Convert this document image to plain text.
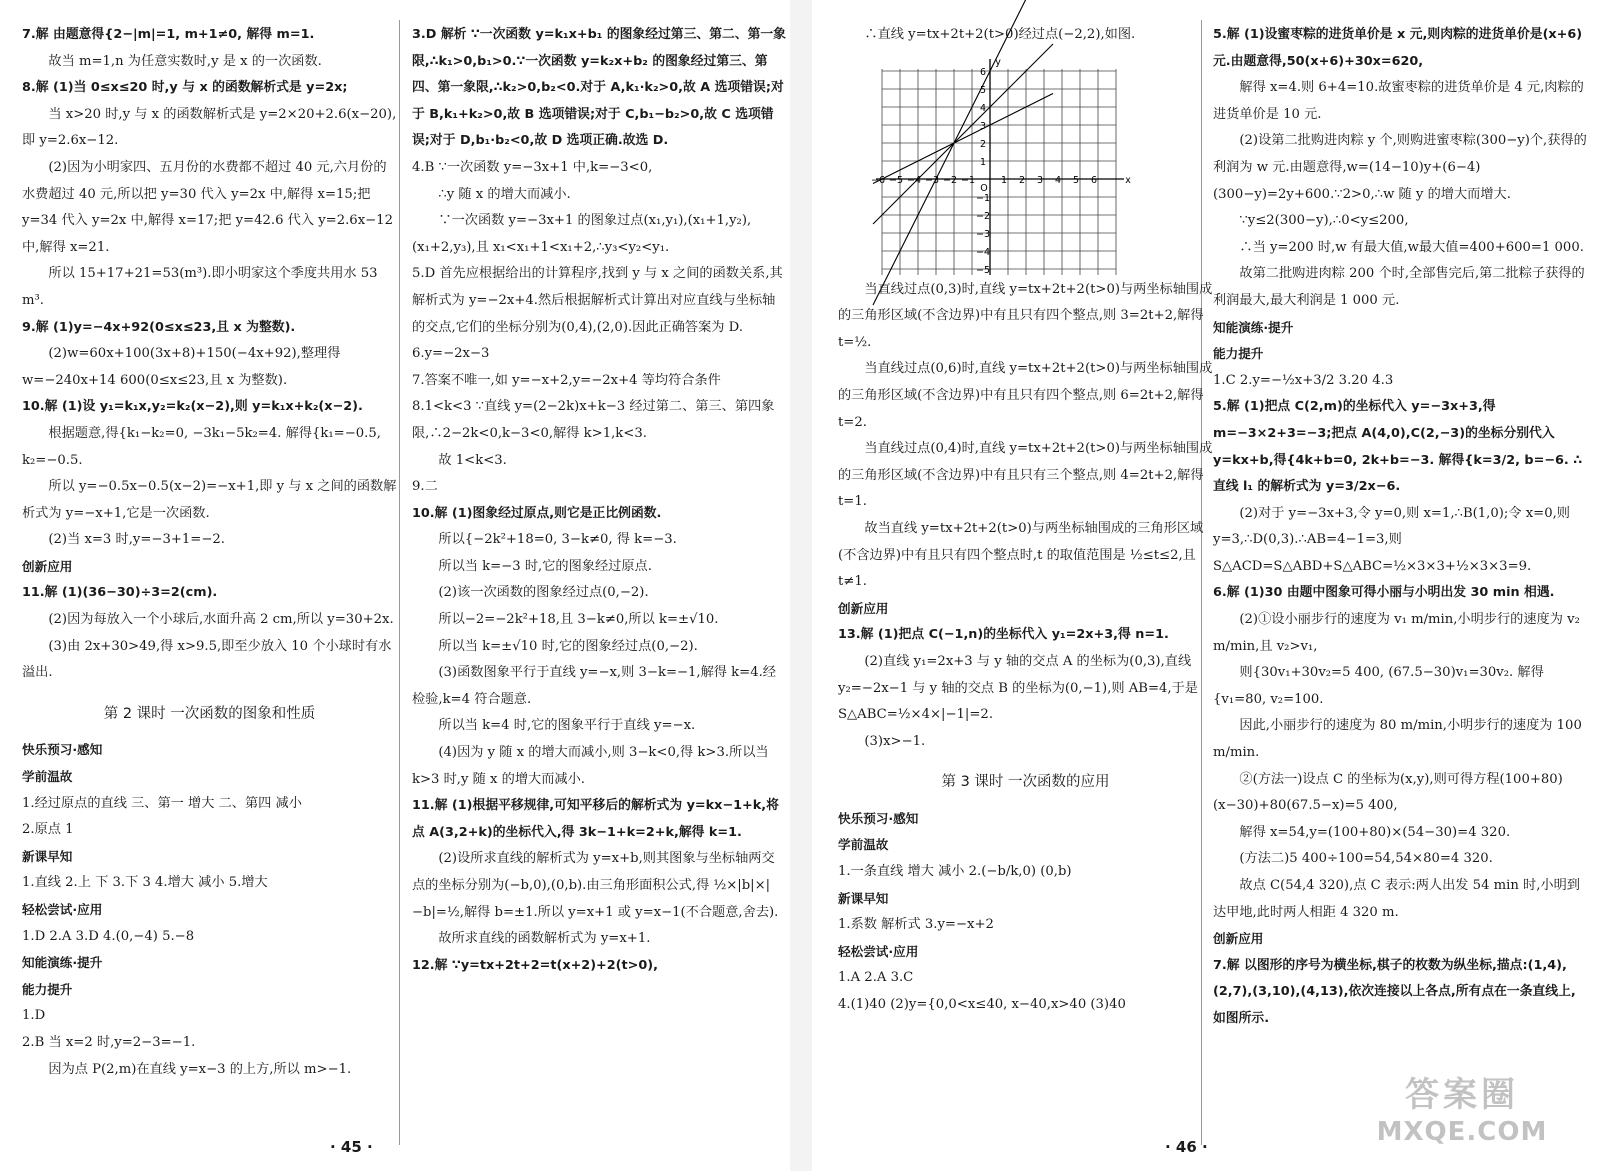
7.解 由题意得{2−|m|=1, m+1≠0, 解得 m=1.

故当 m=1,n 为任意实数时,y 是 x 的一次函数.

8.解 (1)当 0≤x≤20 时,y 与 x 的函数解析式是 y=2x;

当 x>20 时,y 与 x 的函数解析式是 y=2×20+2.6(x−20),即 y=2.6x−12.

(2)因为小明家四、五月份的水费都不超过 40 元,六月份的水费超过 40 元,所以把 y=30 代入 y=2x 中,解得 x=15;把 y=34 代入 y=2x 中,解得 x=17;把 y=42.6 代入 y=2.6x−12 中,解得 x=21.

所以 15+17+21=53(m³).即小明家这个季度共用水 53 m³.

9.解 (1)y=−4x+92(0≤x≤23,且 x 为整数).

(2)w=60x+100(3x+8)+150(−4x+92),整理得 w=−240x+14 600(0≤x≤23,且 x 为整数).

10.解 (1)设 y₁=k₁x,y₂=k₂(x−2),则 y=k₁x+k₂(x−2).

根据题意,得{k₁−k₂=0, −3k₁−5k₂=4. 解得{k₁=−0.5, k₂=−0.5.

所以 y=−0.5x−0.5(x−2)=−x+1,即 y 与 x 之间的函数解析式为 y=−x+1,它是一次函数.

(2)当 x=3 时,y=−3+1=−2.

创新应用

11.解 (1)(36−30)÷3=2(cm).

(2)因为每放入一个小球后,水面升高 2 cm,所以 y=30+2x.

(3)由 2x+30>49,得 x>9.5,即至少放入 10 个小球时有水溢出.

第 2 课时 一次函数的图象和性质

快乐预习·感知

学前温故

1.经过原点的直线 三、第一 增大 二、第四 减小

2.原点 1

新课早知

1.直线 2.上 下 3.下 3 4.增大 减小 5.增大

轻松尝试·应用

1.D 2.A 3.D 4.(0,−4) 5.−8

知能演练·提升

能力提升

1.D

2.B 当 x=2 时,y=2−3=−1.

因为点 P(2,m)在直线 y=x−3 的上方,所以 m>−1.

3.D 解析 ∵一次函数 y=k₁x+b₁ 的图象经过第三、第二、第一象限,∴k₁>0,b₁>0.∵一次函数 y=k₂x+b₂ 的图象经过第三、第四、第一象限,∴k₂>0,b₂<0.对于 A,k₁·k₂>0,故 A 选项错误;对于 B,k₁+k₂>0,故 B 选项错误;对于 C,b₁−b₂>0,故 C 选项错误;对于 D,b₁·b₂<0,故 D 选项正确.故选 D.

4.B ∵一次函数 y=−3x+1 中,k=−3<0,

∴y 随 x 的增大而减小.

∵一次函数 y=−3x+1 的图象过点(x₁,y₁),(x₁+1,y₂),(x₁+2,y₃),且 x₁<x₁+1<x₁+2,∴y₃<y₂<y₁.

5.D 首先应根据给出的计算程序,找到 y 与 x 之间的函数关系,其解析式为 y=−2x+4.然后根据解析式计算出对应直线与坐标轴的交点,它们的坐标分别为(0,4),(2,0).因此正确答案为 D.

6.y=−2x−3

7.答案不唯一,如 y=−x+2,y=−2x+4 等均符合条件

8.1<k<3 ∵直线 y=(2−2k)x+k−3 经过第二、第三、第四象限,∴2−2k<0,k−3<0,解得 k>1,k<3.

故 1<k<3.

9.二

10.解 (1)图象经过原点,则它是正比例函数.

所以{−2k²+18=0, 3−k≠0, 得 k=−3.

所以当 k=−3 时,它的图象经过原点.

(2)该一次函数的图象经过点(0,−2).

所以−2=−2k²+18,且 3−k≠0,所以 k=±√10.

所以当 k=±√10 时,它的图象经过点(0,−2).

(3)函数图象平行于直线 y=−x,则 3−k=−1,解得 k=4.经检验,k=4 符合题意.

所以当 k=4 时,它的图象平行于直线 y=−x.

(4)因为 y 随 x 的增大而减小,则 3−k<0,得 k>3.所以当 k>3 时,y 随 x 的增大而减小.

11.解 (1)根据平移规律,可知平移后的解析式为 y=kx−1+k,将点 A(3,2+k)的坐标代入,得 3k−1+k=2+k,解得 k=1.

(2)设所求直线的解析式为 y=x+b,则其图象与坐标轴两交点的坐标分别为(−b,0),(0,b).由三角形面积公式,得 ½×|b|×|−b|=½,解得 b=±1.所以 y=x+1 或 y=x−1(不合题意,舍去).

故所求直线的函数解析式为 y=x+1.

12.解 ∵y=tx+2t+2=t(x+2)+2(t>0),

∴直线 y=tx+2t+2(t>0)经过点(−2,2),如图.

−6 −5 −4 −3 −2 −1	1 2 3 4 5 6
6
5
4
3
2
1
−1
−2
−3
−4
−5
O
x
y

当直线过点(0,3)时,直线 y=tx+2t+2(t>0)与两坐标轴围成的三角形区域(不含边界)中有且只有四个整点,则 3=2t+2,解得 t=½.

当直线过点(0,6)时,直线 y=tx+2t+2(t>0)与两坐标轴围成的三角形区域(不含边界)中有且只有四个整点,则 6=2t+2,解得 t=2.

当直线过点(0,4)时,直线 y=tx+2t+2(t>0)与两坐标轴围成的三角形区域(不含边界)中有且只有三个整点,则 4=2t+2,解得 t=1.

故当直线 y=tx+2t+2(t>0)与两坐标轴围成的三角形区域(不含边界)中有且只有四个整点时,t 的取值范围是 ½≤t≤2,且 t≠1.

创新应用

13.解 (1)把点 C(−1,n)的坐标代入 y₁=2x+3,得 n=1.

(2)直线 y₁=2x+3 与 y 轴的交点 A 的坐标为(0,3),直线 y₂=−2x−1 与 y 轴的交点 B 的坐标为(0,−1),则 AB=4,于是 S△ABC=½×4×|−1|=2.

(3)x>−1.

第 3 课时 一次函数的应用

快乐预习·感知

学前温故

1.一条直线 增大 减小 2.(−b/k,0) (0,b)

新课早知

1.系数 解析式 3.y=−x+2

轻松尝试·应用

1.A 2.A 3.C

4.(1)40 (2)y={0,0<x≤40, x−40,x>40 (3)40

5.解 (1)设蜜枣粽的进货单价是 x 元,则肉粽的进货单价是(x+6)元.由题意得,50(x+6)+30x=620,

解得 x=4.则 6+4=10.故蜜枣粽的进货单价是 4 元,肉粽的进货单价是 10 元.

(2)设第二批购进肉粽 y 个,则购进蜜枣粽(300−y)个,获得的利润为 w 元.由题意得,w=(14−10)y+(6−4)(300−y)=2y+600.∵2>0,∴w 随 y 的增大而增大.

∵y≤2(300−y),∴0<y≤200,

∴当 y=200 时,w 有最大值,w最大值=400+600=1 000.

故第二批购进肉粽 200 个时,全部售完后,第二批粽子获得的利润最大,最大利润是 1 000 元.

知能演练·提升

能力提升

1.C 2.y=−½x+3/2 3.20 4.3

5.解 (1)把点 C(2,m)的坐标代入 y=−3x+3,得 m=−3×2+3=−3;把点 A(4,0),C(2,−3)的坐标分别代入 y=kx+b,得{4k+b=0, 2k+b=−3. 解得{k=3/2, b=−6. ∴直线 l₁ 的解析式为 y=3/2x−6.

(2)对于 y=−3x+3,令 y=0,则 x=1,∴B(1,0);令 x=0,则 y=3,∴D(0,3).∴AB=4−1=3,则 S△ACD=S△ABD+S△ABC=½×3×3+½×3×3=9.

6.解 (1)30 由题中图象可得小丽与小明出发 30 min 相遇.

(2)①设小丽步行的速度为 v₁ m/min,小明步行的速度为 v₂ m/min,且 v₂>v₁,

则{30v₁+30v₂=5 400, (67.5−30)v₁=30v₂. 解得{v₁=80, v₂=100.

因此,小丽步行的速度为 80 m/min,小明步行的速度为 100 m/min.

②(方法一)设点 C 的坐标为(x,y),则可得方程(100+80)(x−30)+80(67.5−x)=5 400,

解得 x=54,y=(100+80)×(54−30)=4 320.

(方法二)5 400÷100=54,54×80=4 320.

故点 C(54,4 320),点 C 表示:两人出发 54 min 时,小明到达甲地,此时两人相距 4 320 m.

创新应用

7.解 以图形的序号为横坐标,棋子的枚数为纵坐标,描点:(1,4),(2,7),(3,10),(4,13),依次连接以上各点,所有点在一条直线上,如图所示.

· 45 ·	· 46 ·
答案圈
MXQE.COM
